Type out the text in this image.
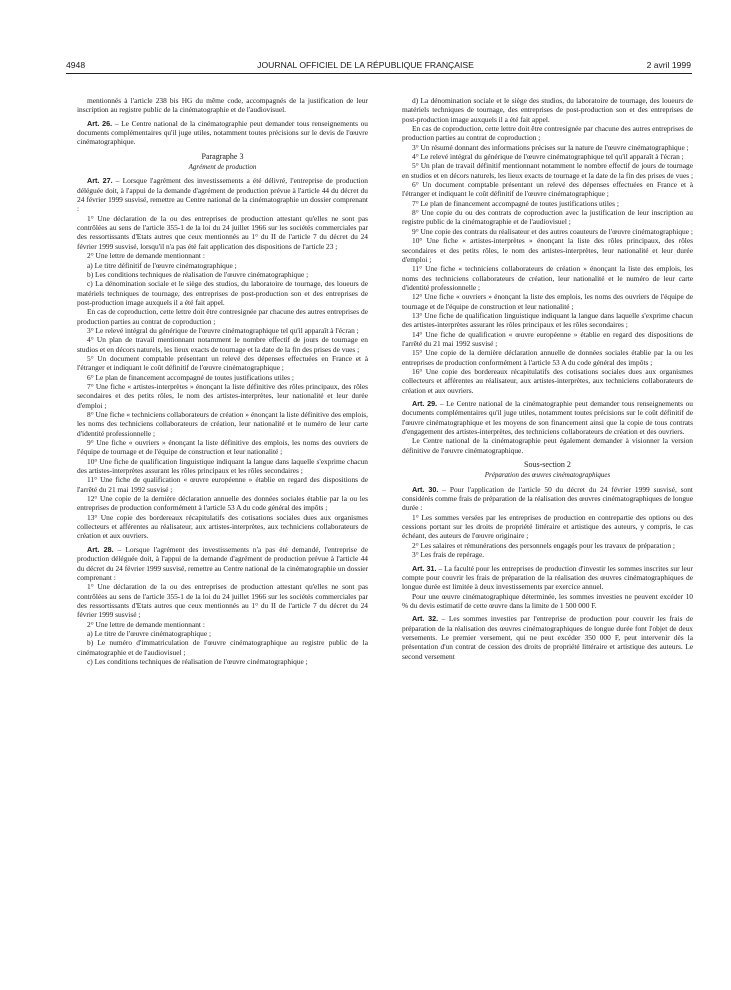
4948	JOURNAL OFFICIEL DE LA RÉPUBLIQUE FRANÇAISE	2 avril 1999

mentionnés à l'article 238 bis HG du même code, accompagnés de la justification de leur inscription au registre public de la cinématographie et de l'audiovisuel.

Art. 26. – Le Centre national de la cinématographie peut demander tous renseignements ou documents complémentaires qu'il juge utiles, notamment toutes précisions sur le devis de l'œuvre cinématographique.

Paragraphe 3

Agrément de production

Art. 27. – Lorsque l'agrément des investissements a été délivré, l'entreprise de production déléguée doit, à l'appui de la demande d'agrément de production prévue à l'article 44 du décret du 24 février 1999 susvisé, remettre au Centre national de la cinématographie un dossier comprenant :

1° Une déclaration de la ou des entreprises de production attestant qu'elles ne sont pas contrôlées au sens de l'article 355-1 de la loi du 24 juillet 1966 sur les sociétés commerciales par des ressortissants d'Etats autres que ceux mentionnés au 1° du II de l'article 7 du décret du 24 février 1999 susvisé, lorsqu'il n'a pas été fait application des dispositions de l'article 23 ;

2° Une lettre de demande mentionnant :

a) Le titre définitif de l'œuvre cinématographique ;

b) Les conditions techniques de réalisation de l'œuvre cinématographique ;

c) La dénomination sociale et le siège des studios, du laboratoire de tournage, des loueurs de matériels techniques de tournage, des entreprises de post-production son et des entreprises de post-production image auxquels il a été fait appel.

En cas de coproduction, cette lettre doit être contresignée par chacune des autres entreprises de production parties au contrat de coproduction ;

3° Le relevé intégral du générique de l'œuvre cinématographique tel qu'il apparaît à l'écran ;

4° Un plan de travail mentionnant notamment le nombre effectif de jours de tournage en studios et en décors naturels, les lieux exacts de tournage et la date de la fin des prises de vues ;

5° Un document comptable présentant un relevé des dépenses effectuées en France et à l'étranger et indiquant le coût définitif de l'œuvre cinématographique ;

6° Le plan de financement accompagné de toutes justifications utiles ;

7° Une fiche « artistes-interprètes » énonçant la liste définitive des rôles principaux, des rôles secondaires et des petits rôles, le nom des artistes-interprètes, leur nationalité et leur durée d'emploi ;

8° Une fiche « techniciens collaborateurs de création » énonçant la liste définitive des emplois, les noms des techniciens collaborateurs de création, leur nationalité et le numéro de leur carte d'identité professionnelle ;

9° Une fiche « ouvriers » énonçant la liste définitive des emplois, les noms des ouvriers de l'équipe de tournage et de l'équipe de construction et leur nationalité ;

10° Une fiche de qualification linguistique indiquant la langue dans laquelle s'exprime chacun des artistes-interprètes assurant les rôles principaux et les rôles secondaires ;

11° Une fiche de qualification « œuvre européenne » établie en regard des dispositions de l'arrêté du 21 mai 1992 susvisé ;

12° Une copie de la dernière déclaration annuelle des données sociales établie par la ou les entreprises de production conformément à l'article 53 A du code général des impôts ;

13° Une copie des bordereaux récapitulatifs des cotisations sociales dues aux organismes collecteurs et afférentes au réalisateur, aux artistes-interprètes, aux techniciens collaborateurs de création et aux ouvriers.

Art. 28. – Lorsque l'agrément des investissements n'a pas été demandé, l'entreprise de production déléguée doit, à l'appui de la demande d'agrément de production prévue à l'article 44 du décret du 24 février 1999 susvisé, remettre au Centre national de la cinématographie un dossier comprenant :

1° Une déclaration de la ou des entreprises de production attestant qu'elles ne sont pas contrôlées au sens de l'article 355-1 de la loi du 24 juillet 1966 sur les sociétés commerciales par des ressortissants d'Etats autres que ceux mentionnés au 1° du II de l'article 7 du décret du 24 février 1999 susvisé ;

2° Une lettre de demande mentionnant :

a) Le titre de l'œuvre cinématographique ;

b) Le numéro d'immatriculation de l'œuvre cinématographique au registre public de la cinématographie et de l'audiovisuel ;

c) Les conditions techniques de réalisation de l'œuvre cinématographique ;

d) La dénomination sociale et le siège des studios, du laboratoire de tournage, des loueurs de matériels techniques de tournage, des entreprises de post-production son et des entreprises de post-production image auxquels il a été fait appel.

En cas de coproduction, cette lettre doit être contresignée par chacune des autres entreprises de production parties au contrat de coproduction ;

3° Un résumé donnant des informations précises sur la nature de l'œuvre cinématographique ;

4° Le relevé intégral du générique de l'œuvre cinématographique tel qu'il apparaît à l'écran ;

5° Un plan de travail définitif mentionnant notamment le nombre effectif de jours de tournage en studios et en décors naturels, les lieux exacts de tournage et la date de la fin des prises de vues ;

6° Un document comptable présentant un relevé des dépenses effectuées en France et à l'étranger et indiquant le coût définitif de l'œuvre cinématographique ;

7° Le plan de financement accompagné de toutes justifications utiles ;

8° Une copie du ou des contrats de coproduction avec la justification de leur inscription au registre public de la cinématographie et de l'audiovisuel ;

9° Une copie des contrats du réalisateur et des autres coauteurs de l'œuvre cinématographique ;

10° Une fiche « artistes-interprètes » énonçant la liste des rôles principaux, des rôles secondaires et des petits rôles, le nom des artistes-interprètes, leur nationalité et leur durée d'emploi ;

11° Une fiche « techniciens collaborateurs de création » énonçant la liste des emplois, les noms des techniciens collaborateurs de création, leur nationalité et le numéro de leur carte d'identité professionnelle ;

12° Une fiche « ouvriers » énonçant la liste des emplois, les noms des ouvriers de l'équipe de tournage et de l'équipe de construction et leur nationalité ;

13° Une fiche de qualification linguistique indiquant la langue dans laquelle s'exprime chacun des artistes-interprètes assurant les rôles principaux et les rôles secondaires ;

14° Une fiche de qualification « œuvre européenne » établie en regard des dispositions de l'arrêté du 21 mai 1992 susvisé ;

15° Une copie de la dernière déclaration annuelle de données sociales établie par la ou les entreprises de production conformément à l'article 53 A du code général des impôts ;

16° Une copie des bordereaux récapitulatifs des cotisations sociales dues aux organismes collecteurs et afférentes au réalisateur, aux artistes-interprètes, aux techniciens collaborateurs de création et aux ouvriers.

Art. 29. – Le Centre national de la cinématographie peut demander tous renseignements ou documents complémentaires qu'il juge utiles, notamment toutes précisions sur le coût définitif de l'œuvre cinématographique et les moyens de son financement ainsi que la copie de tous contrats d'engagement des artistes-interprètes, des techniciens collaborateurs de création et des ouvriers.

Le Centre national de la cinématographie peut également demander à visionner la version définitive de l'œuvre cinématographique.

Sous-section 2

Préparation des œuvres cinématographiques

Art. 30. – Pour l'application de l'article 50 du décret du 24 février 1999 susvisé, sont considérés comme frais de préparation de la réalisation des œuvres cinématographiques de longue durée :

1° Les sommes versées par les entreprises de production en contrepartie des options ou des cessions portant sur les droits de propriété littéraire et artistique des auteurs, y compris, le cas échéant, des auteurs de l'œuvre originaire ;

2° Les salaires et rémunérations des personnels engagés pour les travaux de préparation ;

3° Les frais de repérage.

Art. 31. – La faculté pour les entreprises de production d'investir les sommes inscrites sur leur compte pour couvrir les frais de préparation de la réalisation des œuvres cinématographiques de longue durée est limitée à deux investissements par exercice annuel.

Pour une œuvre cinématographique déterminée, les sommes investies ne peuvent excéder 10 % du devis estimatif de cette œuvre dans la limite de 1 500 000 F.

Art. 32. – Les sommes investies par l'entreprise de production pour couvrir les frais de préparation de la réalisation des œuvres cinématographiques de longue durée font l'objet de deux versements. Le premier versement, qui ne peut excéder 350 000 F, peut intervenir dès la présentation d'un contrat de cession des droits de propriété littéraire et artistique des auteurs. Le second versement
